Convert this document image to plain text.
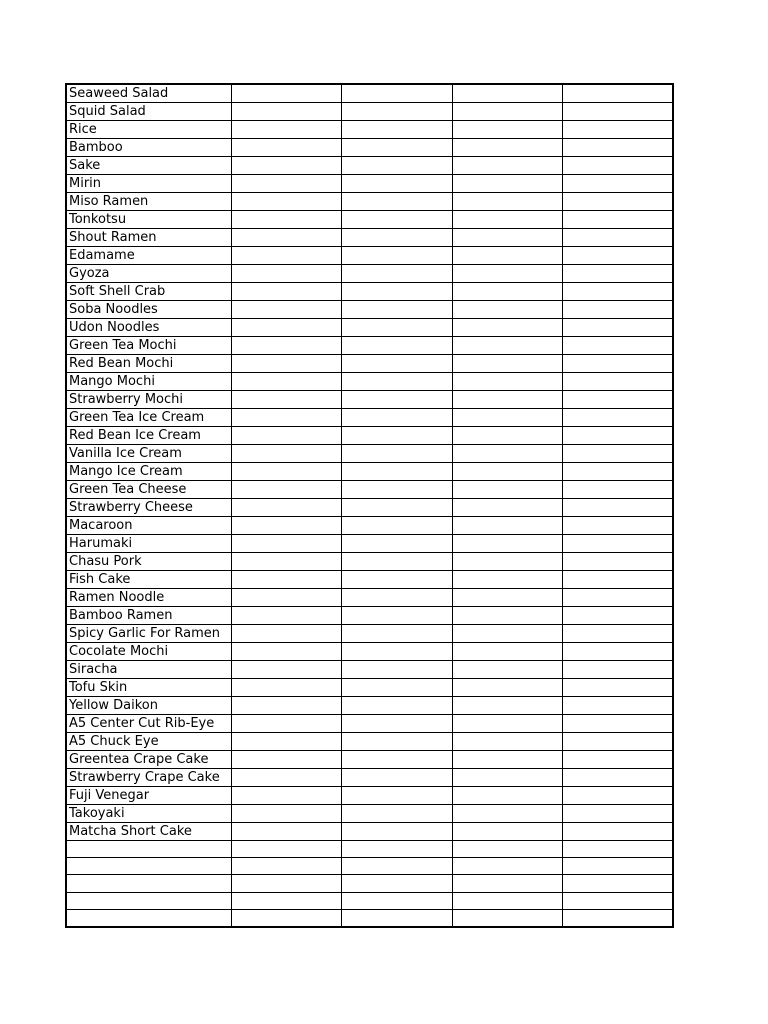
Seaweed Salad				
Squid Salad				
Rice				
Bamboo				
Sake				
Mirin				
Miso Ramen				
Tonkotsu				
Shout Ramen				
Edamame				
Gyoza				
Soft Shell Crab				
Soba Noodles				
Udon Noodles				
Green Tea Mochi				
Red Bean Mochi				
Mango Mochi				
Strawberry Mochi				
Green Tea Ice Cream				
Red Bean Ice Cream				
Vanilla Ice Cream				
Mango Ice Cream				
Green Tea Cheese				
Strawberry Cheese				
Macaroon				
Harumaki				
Chasu Pork				
Fish Cake				
Ramen Noodle				
Bamboo Ramen				
Spicy Garlic For Ramen				
Cocolate Mochi				
Siracha				
Tofu Skin				
Yellow Daikon				
A5 Center Cut Rib-Eye				
A5 Chuck Eye				
Greentea Crape Cake				
Strawberry Crape Cake				
Fuji Venegar				
Takoyaki				
Matcha Short Cake				
